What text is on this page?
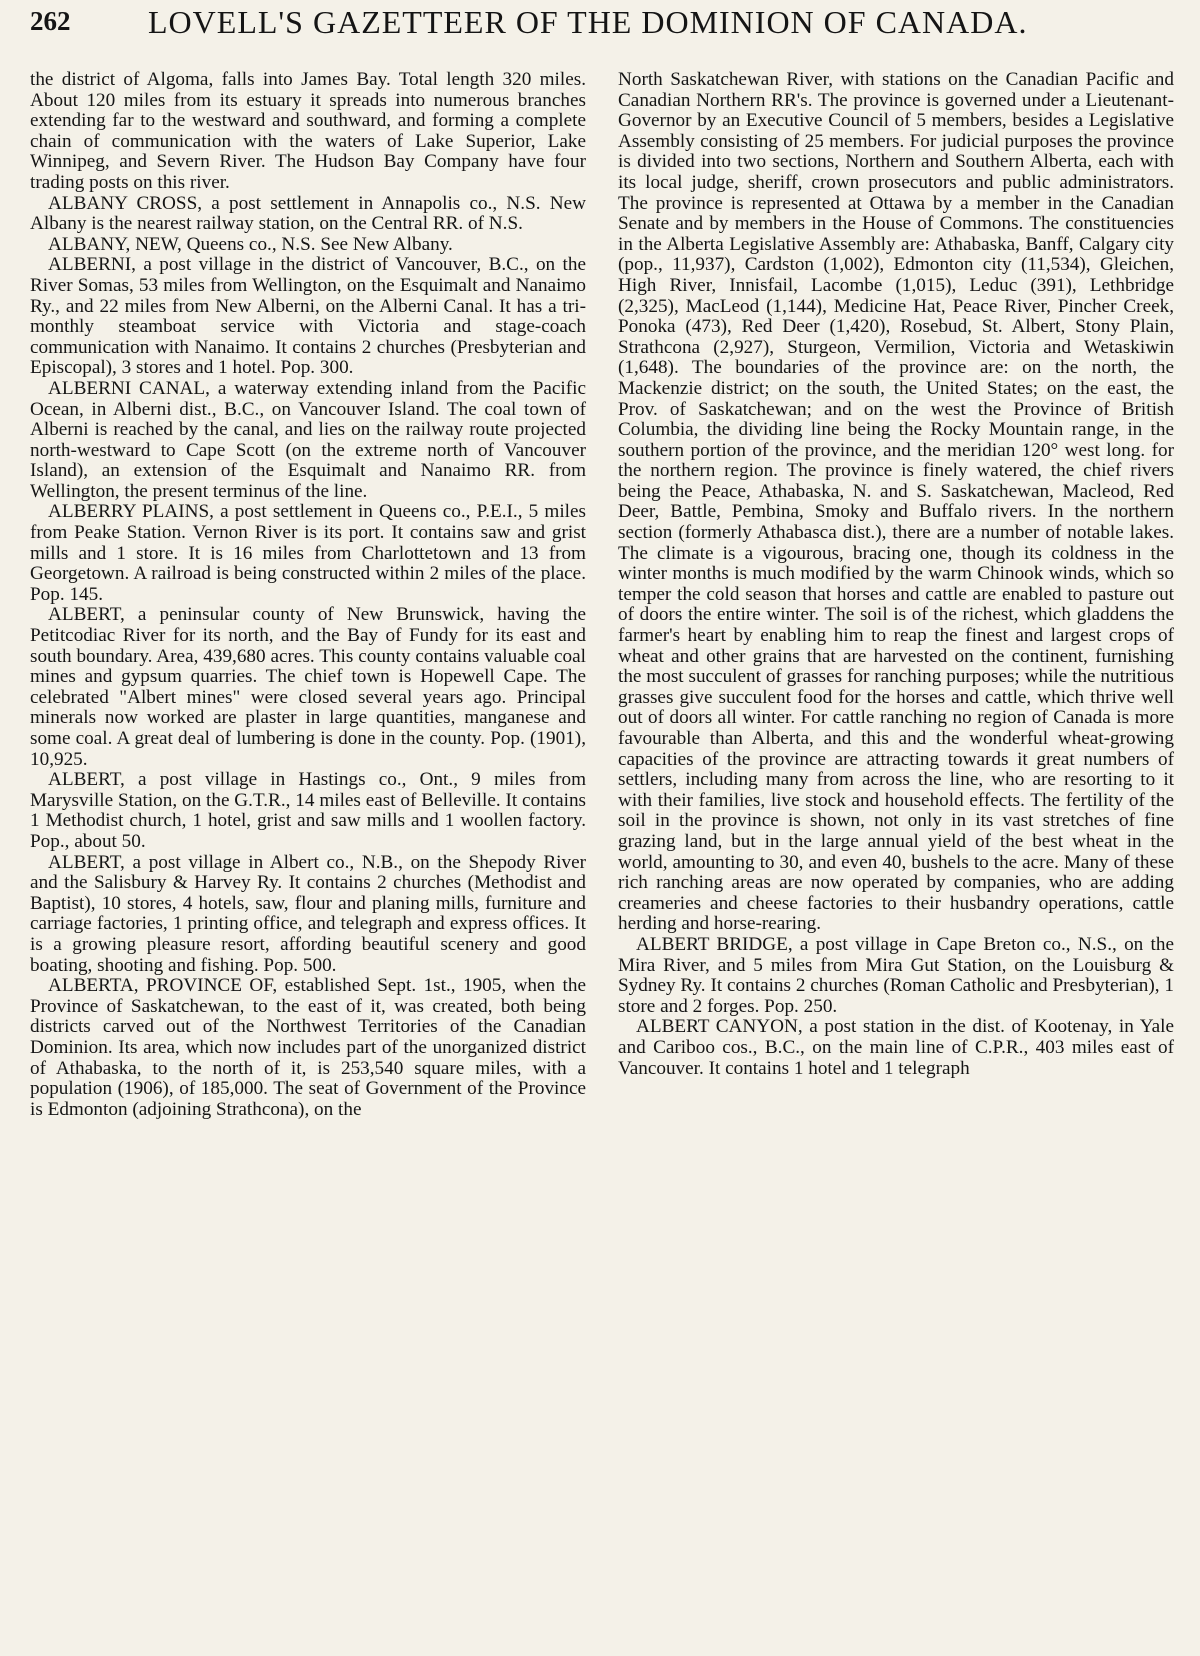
262 LOVELL'S GAZETTEER OF THE DOMINION OF CANADA.

the district of Algoma, falls into James Bay. Total length 320 miles. About 120 miles from its estuary it spreads into numerous branches extending far to the westward and southward, and forming a complete chain of communication with the waters of Lake Superior, Lake Winnipeg, and Severn River. The Hudson Bay Company have four trading posts on this river.

ALBANY CROSS, a post settlement in Annapolis co., N.S. New Albany is the nearest railway station, on the Central RR. of N.S.

ALBANY, NEW, Queens co., N.S. See New Albany.

ALBERNI, a post village in the district of Vancouver, B.C., on the River Somas, 53 miles from Wellington, on the Esquimalt and Nanaimo Ry., and 22 miles from New Alberni, on the Alberni Canal. It has a tri-monthly steamboat service with Victoria and stage-coach communication with Nanaimo. It contains 2 churches (Presbyterian and Episcopal), 3 stores and 1 hotel. Pop. 300.

ALBERNI CANAL, a waterway extending inland from the Pacific Ocean, in Alberni dist., B.C., on Vancouver Island. The coal town of Alberni is reached by the canal, and lies on the railway route projected north-westward to Cape Scott (on the extreme north of Vancouver Island), an extension of the Esquimalt and Nanaimo RR. from Wellington, the present terminus of the line.

ALBERRY PLAINS, a post settlement in Queens co., P.E.I., 5 miles from Peake Station. Vernon River is its port. It contains saw and grist mills and 1 store. It is 16 miles from Charlottetown and 13 from Georgetown. A railroad is being constructed within 2 miles of the place. Pop. 145.

ALBERT, a peninsular county of New Brunswick, having the Petitcodiac River for its north, and the Bay of Fundy for its east and south boundary. Area, 439,680 acres. This county contains valuable coal mines and gypsum quarries. The chief town is Hopewell Cape. The celebrated "Albert mines" were closed several years ago. Principal minerals now worked are plaster in large quantities, manganese and some coal. A great deal of lumbering is done in the county. Pop. (1901), 10,925.

ALBERT, a post village in Hastings co., Ont., 9 miles from Marysville Station, on the G.T.R., 14 miles east of Belleville. It contains 1 Methodist church, 1 hotel, grist and saw mills and 1 woollen factory. Pop., about 50.

ALBERT, a post village in Albert co., N.B., on the Shepody River and the Salisbury & Harvey Ry. It contains 2 churches (Methodist and Baptist), 10 stores, 4 hotels, saw, flour and planing mills, furniture and carriage factories, 1 printing office, and telegraph and express offices. It is a growing pleasure resort, affording beautiful scenery and good boating, shooting and fishing. Pop. 500.

ALBERTA, PROVINCE OF, established Sept. 1st., 1905, when the Province of Saskatchewan, to the east of it, was created, both being districts carved out of the Northwest Territories of the Canadian Dominion. Its area, which now includes part of the unorganized district of Athabaska, to the north of it, is 253,540 square miles, with a population (1906), of 185,000. The seat of Government of the Province is Edmonton (adjoining Strathcona), on the

North Saskatchewan River, with stations on the Canadian Pacific and Canadian Northern RR's. The province is governed under a Lieutenant-Governor by an Executive Council of 5 members, besides a Legislative Assembly consisting of 25 members. For judicial purposes the province is divided into two sections, Northern and Southern Alberta, each with its local judge, sheriff, crown prosecutors and public administrators. The province is represented at Ottawa by a member in the Canadian Senate and by members in the House of Commons. The constituencies in the Alberta Legislative Assembly are: Athabaska, Banff, Calgary city (pop., 11,937), Cardston (1,002), Edmonton city (11,534), Gleichen, High River, Innisfail, Lacombe (1,015), Leduc (391), Lethbridge (2,325), MacLeod (1,144), Medicine Hat, Peace River, Pincher Creek, Ponoka (473), Red Deer (1,420), Rosebud, St. Albert, Stony Plain, Strathcona (2,927), Sturgeon, Vermilion, Victoria and Wetaskiwin (1,648). The boundaries of the province are: on the north, the Mackenzie district; on the south, the United States; on the east, the Prov. of Saskatchewan; and on the west the Province of British Columbia, the dividing line being the Rocky Mountain range, in the southern portion of the province, and the meridian 120° west long. for the northern region. The province is finely watered, the chief rivers being the Peace, Athabaska, N. and S. Saskatchewan, Macleod, Red Deer, Battle, Pembina, Smoky and Buffalo rivers. In the northern section (formerly Athabasca dist.), there are a number of notable lakes. The climate is a vigourous, bracing one, though its coldness in the winter months is much modified by the warm Chinook winds, which so temper the cold season that horses and cattle are enabled to pasture out of doors the entire winter. The soil is of the richest, which gladdens the farmer's heart by enabling him to reap the finest and largest crops of wheat and other grains that are harvested on the continent, furnishing the most succulent of grasses for ranching purposes; while the nutritious grasses give succulent food for the horses and cattle, which thrive well out of doors all winter. For cattle ranching no region of Canada is more favourable than Alberta, and this and the wonderful wheat-growing capacities of the province are attracting towards it great numbers of settlers, including many from across the line, who are resorting to it with their families, live stock and household effects. The fertility of the soil in the province is shown, not only in its vast stretches of fine grazing land, but in the large annual yield of the best wheat in the world, amounting to 30, and even 40, bushels to the acre. Many of these rich ranching areas are now operated by companies, who are adding creameries and cheese factories to their husbandry operations, cattle herding and horse-rearing.

ALBERT BRIDGE, a post village in Cape Breton co., N.S., on the Mira River, and 5 miles from Mira Gut Station, on the Louisburg & Sydney Ry. It contains 2 churches (Roman Catholic and Presbyterian), 1 store and 2 forges. Pop. 250.

ALBERT CANYON, a post station in the dist. of Kootenay, in Yale and Cariboo cos., B.C., on the main line of C.P.R., 403 miles east of Vancouver. It contains 1 hotel and 1 telegraph
